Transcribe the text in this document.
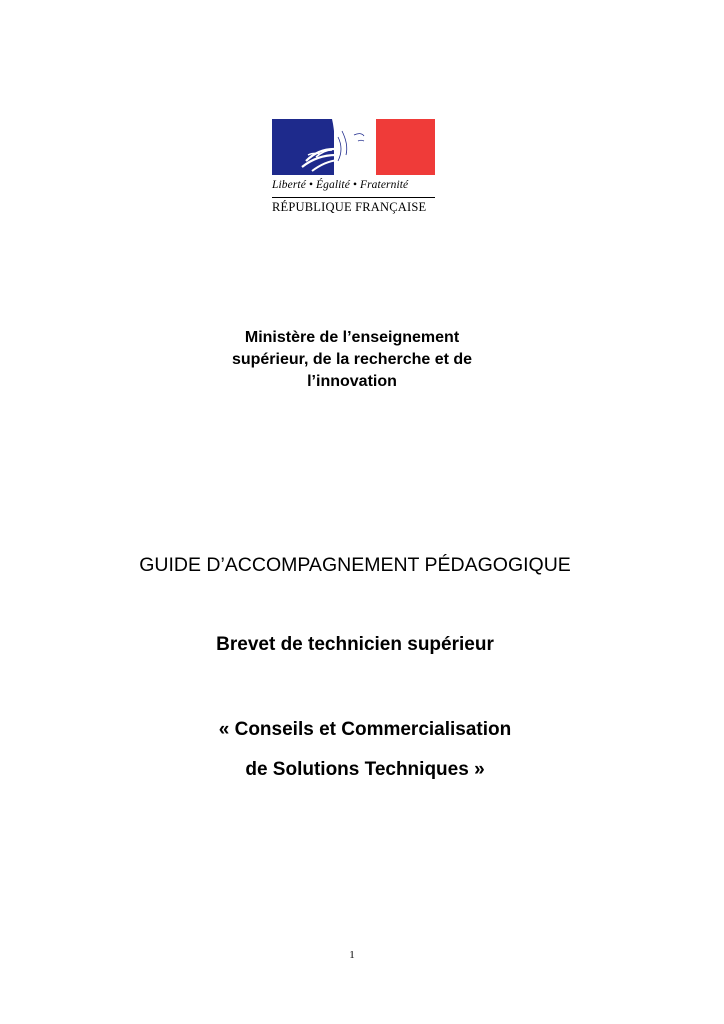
Liberté • Égalité • Fraternité
RÉPUBLIQUE FRANÇAISE
Ministère de l’enseignement
supérieur, de la recherche et de
l’innovation
GUIDE D’ACCOMPAGNEMENT PÉDAGOGIQUE
Brevet de technicien supérieur
« Conseils et Commercialisation
de Solutions Techniques »
1
